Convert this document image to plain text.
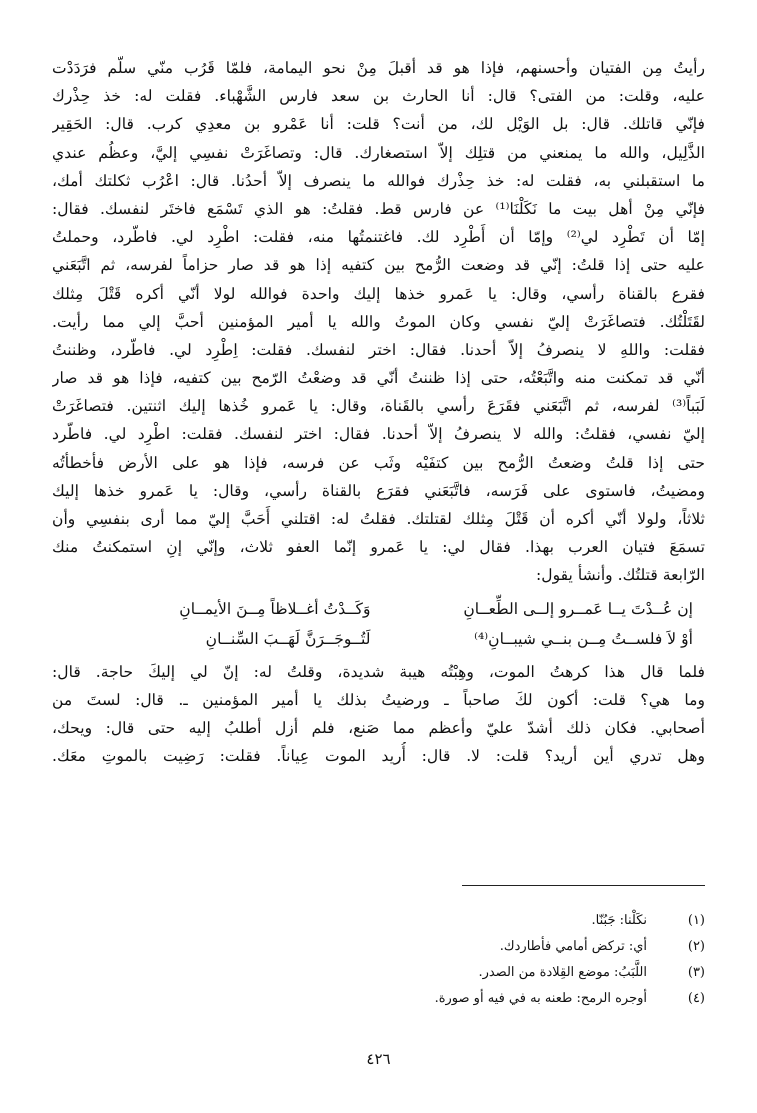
رأيتُ مِن الفتيان وأحسنهم، فإذا هو قد أقبلَ مِنْ نحو اليمامة، فلمّا قَرُب منّي سلّم فرَدَدْت
عليه، وقلت: من الفتى؟ قال: أنا الحارث بن سعد فارس الشَّهْباء. فقلت له: خذ حِذْرك
فإنّي قاتلك. قال: بل الوَيْل لك، من أنت؟ قلت: أنا عَمْرو بن معدِي كرب. قال: الحَقِير
الذَّلِيل، والله ما يمنعني من قتلِك إلاّ استصغارك. قال: وتصاغَرَتْ نفسِي إليَّ، وعظُم عندي
ما استقبلني به، فقلت له: خذ حِذْرك فوالله ما ينصرف إلاّ أحدُنا. قال: اعْرُب ثكلتك أمك،
فإنّي مِنْ أهل بيت ما نَكَلْنَا⁽¹⁾ عن فارس قط. فقلتُ: هو الذي تَسْمَع فاختَر لنفسك. فقال:
إمّا أن تَطْرِد لي⁽²⁾ وإمّا أن أَطْرِد لك. فاغتنمتُها منه، فقلت: اطْرِد لي. فاطّرد، وحملتُ
عليه حتى إذا قلتُ: إنّي قد وضعت الرُّمح بين كتفيه إذا هو قد صار حزاماً لفرسه، ثم اتَّبَعَني
فقرع بالقناة رأسي، وقال: يا عَمرو خذها إليك واحدة فوالله لولا أنّي أكره قَتْلَ مِثلك
لقَتَلْتُك. فتصاغَرَتْ إليّ نفسي وكان الموتُ والله يا أمير المؤمنين أحبَّ إلي مما رأيت.
فقلت: واللهِ لا ينصرفُ إلاّ أحدنا. فقال: اختر لنفسك. فقلت: اِطْرِد لي. فاطّرد، وظننتُ
أنّي قد تمكنت منه واتَّبَعْتُه، حتى إذا ظننتُ أنّي قد وضعْتُ الرّمح بين كتفيه، فإذا هو قد صار
لَبَباً⁽³⁾ لفرسه، ثم اتَّبَعَني فقَرَعَ رأسي بالقَناة، وقال: يا عَمرو خُذها إليك اثنتين. فتصاغَرَتْ
إليّ نفسي، فقلتُ: والله لا ينصرفُ إلاّ أحدنا. فقال: اختر لنفسك. فقلت: اطْرِد لي. فاطّرد
حتى إذا قلتُ وضعتُ الرُّمح بين كتفَيْه وثَب عن فرسه، فإذا هو على الأرض فأخطأتُه
ومضيتُ، فاستوى على فَرَسه، فاتَّبَعَني فقرَع بالقناة رأسي، وقال: يا عَمرو خذها إليك
ثلاثاً، ولولا أنّي أكره أن قَتْلَ مِثلك لقتلتك. فقلتُ له: اقتلني أَحَبَّ إليّ مما أرى بنفسِي وأن
تسمَعَ فتيان العرب بهذا. فقال لي: يا عَمرو إنّما العفو ثلاث، وإنّي إنِ استمكنتُ منك
الرّابعة قتلتُك. وأنشأ يقول:
إن عُــدْتَ يــا عَمــرو إلــى الطِّعــانِ
وَكَــدْتُ أغــلاظاً مِــنَ الأيمــانِ
أوْ لاَ فلســتُ مِــن بنــي شيبــانِ⁽⁴⁾
لَتُــوجَــرَنَّ لَهَــبَ السِّنــانِ
فلما قال هذا كرهتُ الموت، وهِبْتُه هيبة شديدة، وقلتُ له: إنّ لي إليكَ حاجة. قال:
وما هي؟ قلت: أكون لكَ صاحباً ـ ورضيتُ بذلك يا أمير المؤمنين ـ. قال: لستَ من
أصحابي. فكان ذلك أشدّ عليّ وأعظم مما صَنع، فلم أزل أطلبُ إليه حتى قال: ويحك،
وهل تدري أين أريد؟ قلت: لا. قال: أُريد الموت عِياناً. فقلت: رَضِيت بالموتِ معَك.
(١)
نكَلْنا: جَبُنّا.
(٢)
أي: تركض أمامي فأطاردك.
(٣)
اللَّبَبُ: موضع القِلادة من الصدر.
(٤)
أوجره الرمح: طعنه به في فيه أو صورة.
٤٢٦
